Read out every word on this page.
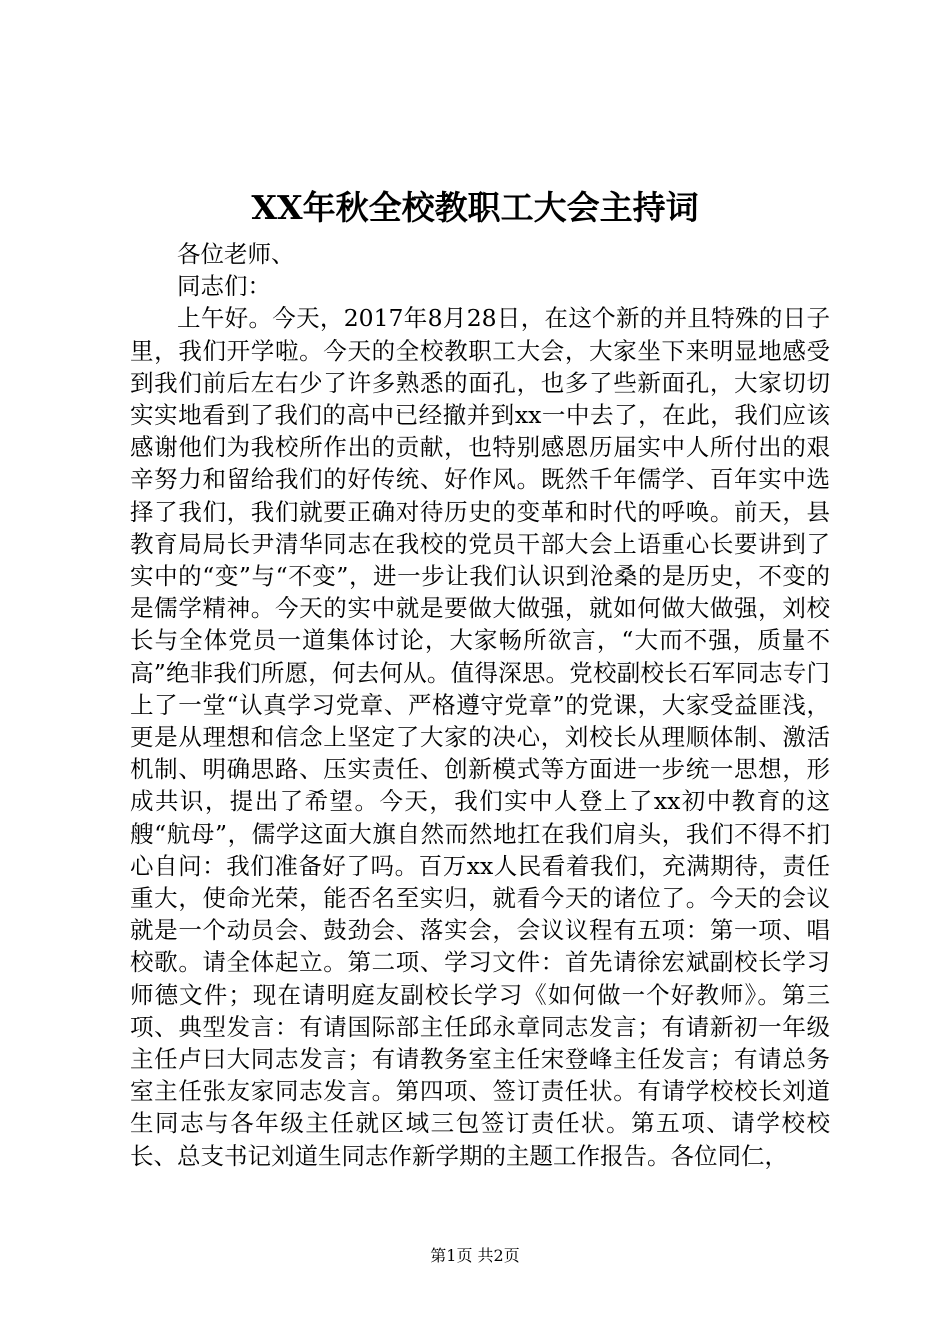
XX年秋全校教职工大会主持词

各位老师、

同志们：

上午好。今天，2017年8月28日，在这个新的并且特殊的日子里，我们开学啦。今天的全校教职工大会，大家坐下来明显地感受到我们前后左右少了许多熟悉的面孔，也多了些新面孔，大家切切实实地看到了我们的高中已经撤并到xx一中去了，在此，我们应该感谢他们为我校所作出的贡献，也特别感恩历届实中人所付出的艰辛努力和留给我们的好传统、好作风。既然千年儒学、百年实中选择了我们，我们就要正确对待历史的变革和时代的呼唤。前天，县教育局局长尹清华同志在我校的党员干部大会上语重心长要讲到了实中的“变”与“不变”，进一步让我们认识到沧桑的是历史，不变的是儒学精神。今天的实中就是要做大做强，就如何做大做强，刘校长与全体党员一道集体讨论，大家畅所欲言，“大而不强，质量不高”绝非我们所愿，何去何从。值得深思。党校副校长石军同志专门上了一堂“认真学习党章、严格遵守党章”的党课，大家受益匪浅，更是从理想和信念上坚定了大家的决心，刘校长从理顺体制、激活机制、明确思路、压实责任、创新模式等方面进一步统一思想，形成共识，提出了希望。今天，我们实中人登上了xx初中教育的这艘“航母”，儒学这面大旗自然而然地扛在我们肩头，我们不得不扪心自问：我们准备好了吗。百万xx人民看着我们，充满期待，责任重大，使命光荣，能否名至实归，就看今天的诸位了。今天的会议就是一个动员会、鼓劲会、落实会，会议议程有五项：第一项、唱校歌。请全体起立。第二项、学习文件：首先请徐宏斌副校长学习师德文件；现在请明庭友副校长学习《如何做一个好教师》。第三项、典型发言：有请国际部主任邱永章同志发言；有请新初一年级主任卢曰大同志发言；有请教务室主任宋登峰主任发言；有请总务室主任张友家同志发言。第四项、签订责任状。有请学校校长刘道生同志与各年级主任就区域三包签订责任状。第五项、请学校校长、总支书记刘道生同志作新学期的主题工作报告。各位同仁，

第1页 共2页
